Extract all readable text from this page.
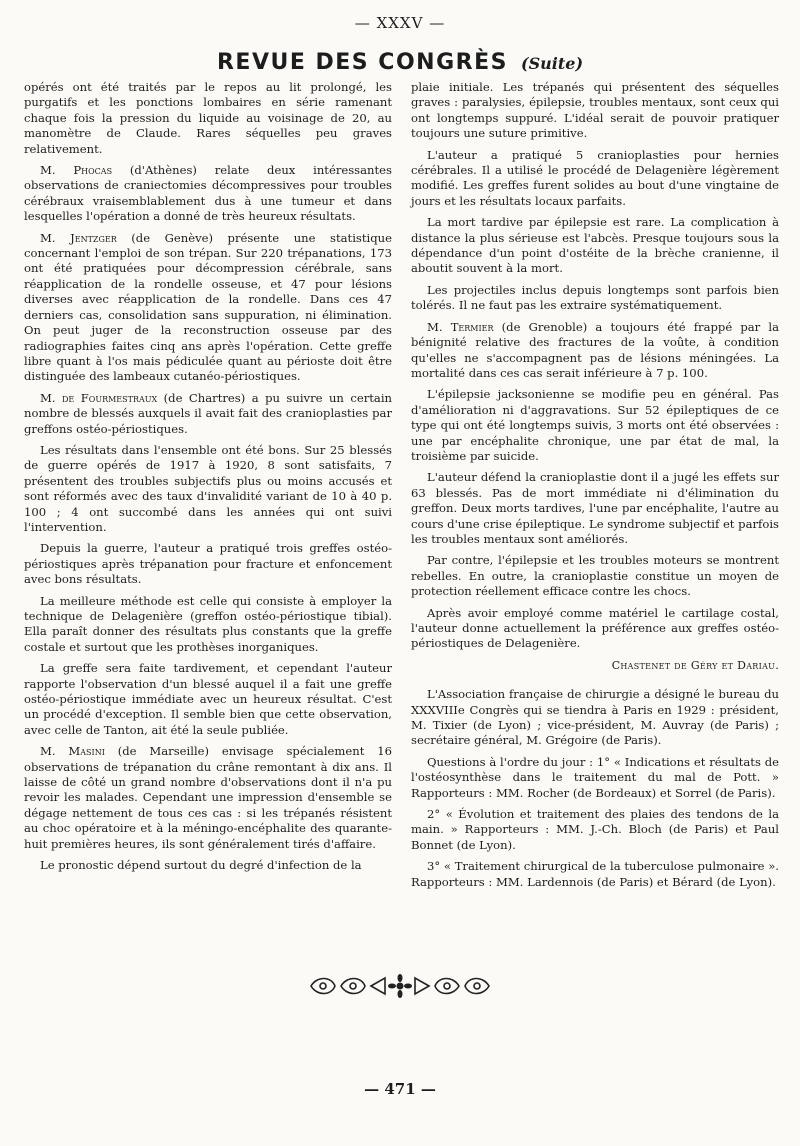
— XXXV —
REVUE DES CONGRÈS (Suite)

opérés ont été traités par le repos au lit prolongé, les purgatifs et les ponctions lombaires en série ramenant chaque fois la pression du liquide au voisinage de 20, au manomètre de Claude. Rares séquelles peu graves relativement.

M. Phocas (d'Athènes) relate deux intéressantes observations de craniectomies décompressives pour troubles cérébraux vraisemblablement dus à une tumeur et dans lesquelles l'opération a donné de très heureux résultats.

M. Jentzger (de Genève) présente une statistique concernant l'emploi de son trépan. Sur 220 trépanations, 173 ont été pratiquées pour décompression cérébrale, sans réapplication de la rondelle osseuse, et 47 pour lésions diverses avec réapplication de la rondelle. Dans ces 47 derniers cas, consolidation sans suppuration, ni élimination. On peut juger de la reconstruction osseuse par des radiographies faites cinq ans après l'opération. Cette greffe libre quant à l'os mais pédiculée quant au périoste doit être distinguée des lambeaux cutanéo-périostiques.

M. de Fourmestraux (de Chartres) a pu suivre un certain nombre de blessés auxquels il avait fait des cranioplasties par greffons ostéo-périostiques.

Les résultats dans l'ensemble ont été bons. Sur 25 blessés de guerre opérés de 1917 à 1920, 8 sont satisfaits, 7 présentent des troubles subjectifs plus ou moins accusés et sont réformés avec des taux d'invalidité variant de 10 à 40 p. 100 ; 4 ont succombé dans les années qui ont suivi l'intervention.

Depuis la guerre, l'auteur a pratiqué trois greffes ostéo-périostiques après trépanation pour fracture et enfoncement avec bons résultats.

La meilleure méthode est celle qui consiste à employer la technique de Delagenière (greffon ostéo-périostique tibial). Ella paraît donner des résultats plus constants que la greffe costale et surtout que les prothèses inorganiques.

La greffe sera faite tardivement, et cependant l'auteur rapporte l'observation d'un blessé auquel il a fait une greffe ostéo-périostique immédiate avec un heureux résultat. C'est un procédé d'exception. Il semble bien que cette observation, avec celle de Tanton, ait été la seule publiée.

M. Masini (de Marseille) envisage spécialement 16 observations de trépanation du crâne remontant à dix ans. Il laisse de côté un grand nombre d'observations dont il n'a pu revoir les malades. Cependant une impression d'ensemble se dégage nettement de tous ces cas : si les trépanés résistent au choc opératoire et à la méningo-encéphalite des quarante-huit premières heures, ils sont généralement tirés d'affaire.

Le pronostic dépend surtout du degré d'infection de la

plaie initiale. Les trépanés qui présentent des séquelles graves : paralysies, épilepsie, troubles mentaux, sont ceux qui ont longtemps suppuré. L'idéal serait de pouvoir pratiquer toujours une suture primitive.

L'auteur a pratiqué 5 cranioplasties pour hernies cérébrales. Il a utilisé le procédé de Delagenière légèrement modifié. Les greffes furent solides au bout d'une vingtaine de jours et les résultats locaux parfaits.

La mort tardive par épilepsie est rare. La complication à distance la plus sérieuse est l'abcès. Presque toujours sous la dépendance d'un point d'ostéite de la brèche cranienne, il aboutit souvent à la mort.

Les projectiles inclus depuis longtemps sont parfois bien tolérés. Il ne faut pas les extraire systématiquement.

M. Termier (de Grenoble) a toujours été frappé par la bénignité relative des fractures de la voûte, à condition qu'elles ne s'accompagnent pas de lésions méningées. La mortalité dans ces cas serait inférieure à 7 p. 100.

L'épilepsie jacksonienne se modifie peu en général. Pas d'amélioration ni d'aggravations. Sur 52 épileptiques de ce type qui ont été longtemps suivis, 3 morts ont été observées : une par encéphalite chronique, une par état de mal, la troisième par suicide.

L'auteur défend la cranioplastie dont il a jugé les effets sur 63 blessés. Pas de mort immédiate ni d'élimination du greffon. Deux morts tardives, l'une par encéphalite, l'autre au cours d'une crise épileptique. Le syndrome subjectif et parfois les troubles mentaux sont améliorés.

Par contre, l'épilepsie et les troubles moteurs se montrent rebelles. En outre, la cranioplastie constitue un moyen de protection réellement efficace contre les chocs.

Après avoir employé comme matériel le cartilage costal, l'auteur donne actuellement la préférence aux greffes ostéo-périostiques de Delagenière.

Chastenet de Géry et Dariau.

L'Association française de chirurgie a désigné le bureau du XXXVIIIe Congrès qui se tiendra à Paris en 1929 : président, M. Tixier (de Lyon) ; vice-président, M. Auvray (de Paris) ; secrétaire général, M. Grégoire (de Paris).

Questions à l'ordre du jour : 1° « Indications et résultats de l'ostéosynthèse dans le traitement du mal de Pott. » Rapporteurs : MM. Rocher (de Bordeaux) et Sorrel (de Paris).

2° « Évolution et traitement des plaies des tendons de la main. » Rapporteurs : MM. J.-Ch. Bloch (de Paris) et Paul Bonnet (de Lyon).

3° « Traitement chirurgical de la tuberculose pulmonaire ». Rapporteurs : MM. Lardennois (de Paris) et Bérard (de Lyon).

— 471 —
